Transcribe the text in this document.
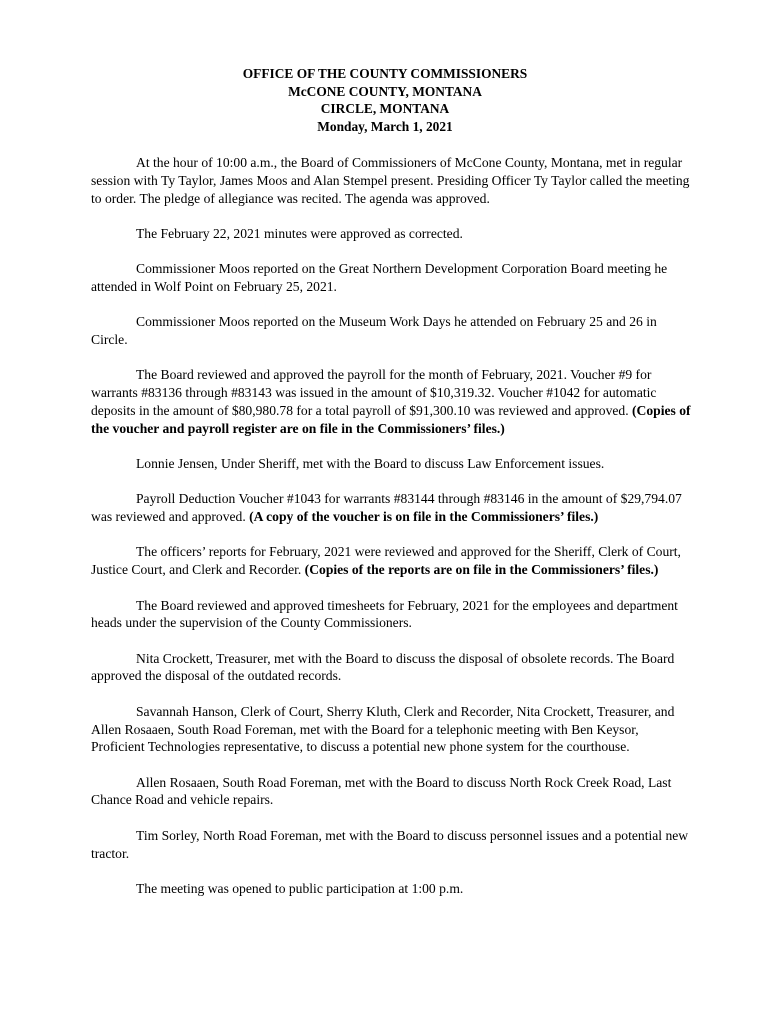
OFFICE OF THE COUNTY COMMISSIONERS
McCONE COUNTY, MONTANA
CIRCLE, MONTANA
Monday, March 1, 2021

At the hour of 10:00 a.m., the Board of Commissioners of McCone County, Montana, met in regular session with Ty Taylor, James Moos and Alan Stempel present. Presiding Officer Ty Taylor called the meeting to order. The pledge of allegiance was recited. The agenda was approved.

The February 22, 2021 minutes were approved as corrected.

Commissioner Moos reported on the Great Northern Development Corporation Board meeting he attended in Wolf Point on February 25, 2021.

Commissioner Moos reported on the Museum Work Days he attended on February 25 and 26 in Circle.

The Board reviewed and approved the payroll for the month of February, 2021. Voucher #9 for warrants #83136 through #83143 was issued in the amount of $10,319.32. Voucher #1042 for automatic deposits in the amount of $80,980.78 for a total payroll of $91,300.10 was reviewed and approved. (Copies of the voucher and payroll register are on file in the Commissioners’ files.)

Lonnie Jensen, Under Sheriff, met with the Board to discuss Law Enforcement issues.

Payroll Deduction Voucher #1043 for warrants #83144 through #83146 in the amount of $29,794.07 was reviewed and approved. (A copy of the voucher is on file in the Commissioners’ files.)

The officers’ reports for February, 2021 were reviewed and approved for the Sheriff, Clerk of Court, Justice Court, and Clerk and Recorder. (Copies of the reports are on file in the Commissioners’ files.)

The Board reviewed and approved timesheets for February, 2021 for the employees and department heads under the supervision of the County Commissioners.

Nita Crockett, Treasurer, met with the Board to discuss the disposal of obsolete records. The Board approved the disposal of the outdated records.

Savannah Hanson, Clerk of Court, Sherry Kluth, Clerk and Recorder, Nita Crockett, Treasurer, and Allen Rosaaen, South Road Foreman, met with the Board for a telephonic meeting with Ben Keysor, Proficient Technologies representative, to discuss a potential new phone system for the courthouse.

Allen Rosaaen, South Road Foreman, met with the Board to discuss North Rock Creek Road, Last Chance Road and vehicle repairs.

Tim Sorley, North Road Foreman, met with the Board to discuss personnel issues and a potential new tractor.

The meeting was opened to public participation at 1:00 p.m.
